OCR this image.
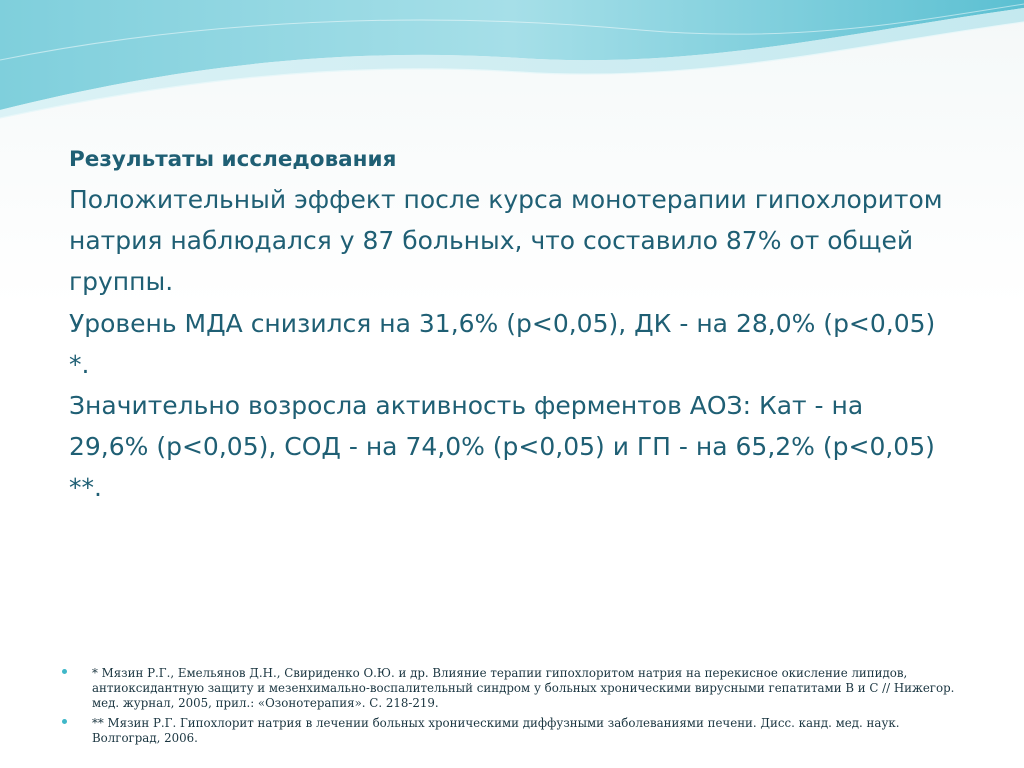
Результаты исследования

Положительный эффект после курса монотерапии гипохлоритом натрия наблюдался у 87 больных, что составило 87% от общей группы.

Уровень МДА снизился на 31,6% (р<0,05), ДК - на 28,0% (р<0,05) *.

Значительно возросла активность ферментов АОЗ: Кат - на 29,6% (р<0,05), СОД - на 74,0% (р<0,05) и ГП - на 65,2% (р<0,05) **.

* Мязин Р.Г., Емельянов Д.Н., Свириденко О.Ю. и др. Влияние терапии гипохлоритом натрия на перекисное окисление липидов, антиоксидантную защиту и мезенхимально-воспалительный синдром у больных хроническими вирусными гепатитами В и С // Нижегор. мед. журнал, 2005, прил.: «Озонотерапия». С. 218-219.
** Мязин Р.Г. Гипохлорит натрия в лечении больных хроническими диффузными заболеваниями печени. Дисс. канд. мед. наук. Волгоград, 2006.
